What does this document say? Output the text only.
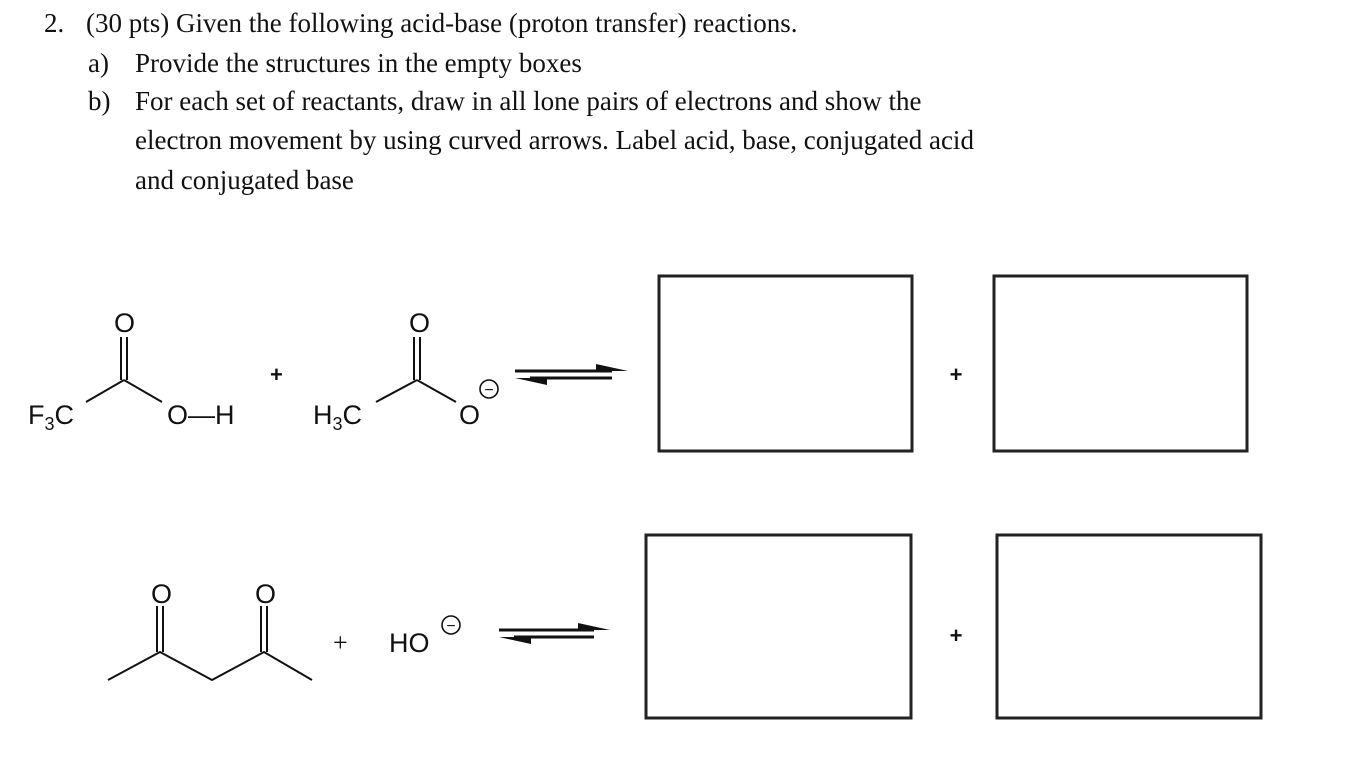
2. (30 pts) Given the following acid-base (proton transfer) reactions.
a) Provide the structures in the empty boxes
b) For each set of reactants, draw in all lone pairs of electrons and show the
electron movement by using curved arrows. Label acid, base, conjugated acid
and conjugated base
O
$F_3C$	O—H
+
O
$H_3C$	O
−
+
O	O
+ HO
−	+
